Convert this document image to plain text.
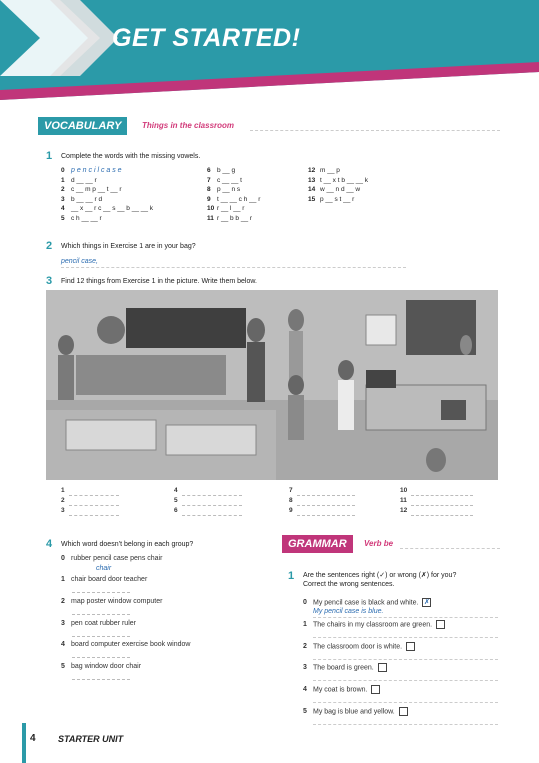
GET STARTED!
VOCABULARY	Things in the classroom
1 Complete the words with the missing vowels.
0 p e n c i l c a s e
1 d __ __ r
2 c __ m p __ t __ r
3 b __ __ r d
4 __ x __ r c __ s __ b __ __ k
5 c h __ __ r
6 b __ g
7 c __ __ t
8 p __ n s
9 t __ __ c h __ r
10 r __ l __ r
11 r __ b b __ r
12 m __ p
13 t __ x t b __ __ k
14 w __ n d __ w
15 p __ s t __ r
2 Which things in Exercise 1 are in your bag?
pencil case,
3 Find 12 things from Exercise 1 in the picture. Write them below.
1
2
3
4
5
6
7
8
9
10
11
12
4 Which word doesn’t belong in each group?
0 rubber pencil case pens chair
chair
1 chair board door teacher
2 map poster window computer
3 pen coat rubber ruler
4 board computer exercise book window
5 bag window door chair
GRAMMAR	Verb be
1 Are the sentences right (✓) or wrong (✗) for you?
Correct the wrong sentences.
0 My pencil case is black and white. ✗
My pencil case is blue.
1 The chairs in my classroom are green.
2 The classroom door is white.
3 The board is green.
4 My coat is brown.
5 My bag is blue and yellow.
4 STARTER UNIT
